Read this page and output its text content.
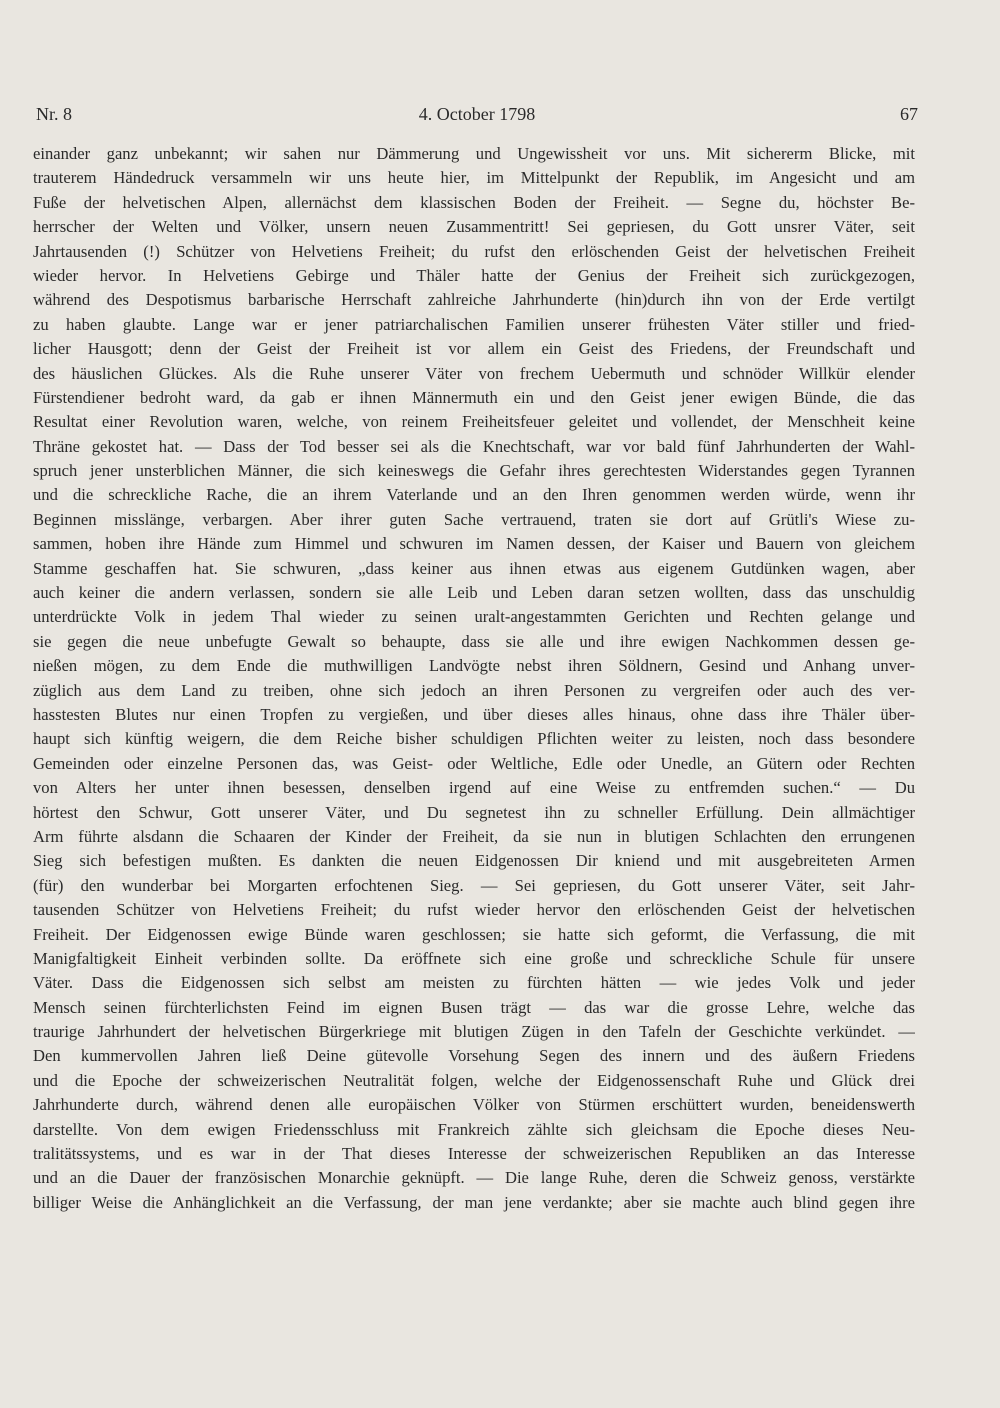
Nr. 8	4. October 1798	67
einander ganz unbekannt; wir sahen nur Dämmerung und Ungewissheit vor uns. Mit sichererm Blicke, mit
trauterem Händedruck versammeln wir uns heute hier, im Mittelpunkt der Republik, im Angesicht und am
Fuße der helvetischen Alpen, allernächst dem klassischen Boden der Freiheit. — Segne du, höchster Be-
herrscher der Welten und Völker, unsern neuen Zusammentritt! Sei gepriesen, du Gott unsrer Väter, seit
Jahrtausenden (!) Schützer von Helvetiens Freiheit; du rufst den erlöschenden Geist der helvetischen Freiheit
wieder hervor. In Helvetiens Gebirge und Thäler hatte der Genius der Freiheit sich zurückgezogen,
während des Despotismus barbarische Herrschaft zahlreiche Jahrhunderte (hin)durch ihn von der Erde vertilgt
zu haben glaubte. Lange war er jener patriarchalischen Familien unserer frühesten Väter stiller und fried-
licher Hausgott; denn der Geist der Freiheit ist vor allem ein Geist des Friedens, der Freundschaft und
des häuslichen Glückes. Als die Ruhe unserer Väter von frechem Uebermuth und schnöder Willkür elender
Fürstendiener bedroht ward, da gab er ihnen Männermuth ein und den Geist jener ewigen Bünde, die das
Resultat einer Revolution waren, welche, von reinem Freiheitsfeuer geleitet und vollendet, der Menschheit keine
Thräne gekostet hat. — Dass der Tod besser sei als die Knechtschaft, war vor bald fünf Jahrhunderten der Wahl-
spruch jener unsterblichen Männer, die sich keineswegs die Gefahr ihres gerechtesten Widerstandes gegen Tyrannen
und die schreckliche Rache, die an ihrem Vaterlande und an den Ihren genommen werden würde, wenn ihr
Beginnen misslänge, verbargen. Aber ihrer guten Sache vertrauend, traten sie dort auf Grütli's Wiese zu-
sammen, hoben ihre Hände zum Himmel und schwuren im Namen dessen, der Kaiser und Bauern von gleichem
Stamme geschaffen hat. Sie schwuren, „dass keiner aus ihnen etwas aus eigenem Gutdünken wagen, aber
auch keiner die andern verlassen, sondern sie alle Leib und Leben daran setzen wollten, dass das unschuldig
unterdrückte Volk in jedem Thal wieder zu seinen uralt-angestammten Gerichten und Rechten gelange und
sie gegen die neue unbefugte Gewalt so behaupte, dass sie alle und ihre ewigen Nachkommen dessen ge-
nießen mögen, zu dem Ende die muthwilligen Landvögte nebst ihren Söldnern, Gesind und Anhang unver-
züglich aus dem Land zu treiben, ohne sich jedoch an ihren Personen zu vergreifen oder auch des ver-
hasstesten Blutes nur einen Tropfen zu vergießen, und über dieses alles hinaus, ohne dass ihre Thäler über-
haupt sich künftig weigern, die dem Reiche bisher schuldigen Pflichten weiter zu leisten, noch dass besondere
Gemeinden oder einzelne Personen das, was Geist- oder Weltliche, Edle oder Unedle, an Gütern oder Rechten
von Alters her unter ihnen besessen, denselben irgend auf eine Weise zu entfremden suchen.“ — Du
hörtest den Schwur, Gott unserer Väter, und Du segnetest ihn zu schneller Erfüllung. Dein allmächtiger
Arm führte alsdann die Schaaren der Kinder der Freiheit, da sie nun in blutigen Schlachten den errungenen
Sieg sich befestigen mußten. Es dankten die neuen Eidgenossen Dir kniend und mit ausgebreiteten Armen
(für) den wunderbar bei Morgarten erfochtenen Sieg. — Sei gepriesen, du Gott unserer Väter, seit Jahr-
tausenden Schützer von Helvetiens Freiheit; du rufst wieder hervor den erlöschenden Geist der helvetischen
Freiheit. Der Eidgenossen ewige Bünde waren geschlossen; sie hatte sich geformt, die Verfassung, die mit
Manigfaltigkeit Einheit verbinden sollte. Da eröffnete sich eine große und schreckliche Schule für unsere
Väter. Dass die Eidgenossen sich selbst am meisten zu fürchten hätten — wie jedes Volk und jeder
Mensch seinen fürchterlichsten Feind im eignen Busen trägt — das war die grosse Lehre, welche das
traurige Jahrhundert der helvetischen Bürgerkriege mit blutigen Zügen in den Tafeln der Geschichte verkündet. —
Den kummervollen Jahren ließ Deine gütevolle Vorsehung Segen des innern und des äußern Friedens
und die Epoche der schweizerischen Neutralität folgen, welche der Eidgenossenschaft Ruhe und Glück drei
Jahrhunderte durch, während denen alle europäischen Völker von Stürmen erschüttert wurden, beneidenswerth
darstellte. Von dem ewigen Friedensschluss mit Frankreich zählte sich gleichsam die Epoche dieses Neu-
tralitätssystems, und es war in der That dieses Interesse der schweizerischen Republiken an das Interesse
und an die Dauer der französischen Monarchie geknüpft. — Die lange Ruhe, deren die Schweiz genoss, verstärkte
billiger Weise die Anhänglichkeit an die Verfassung, der man jene verdankte; aber sie machte auch blind gegen ihre
